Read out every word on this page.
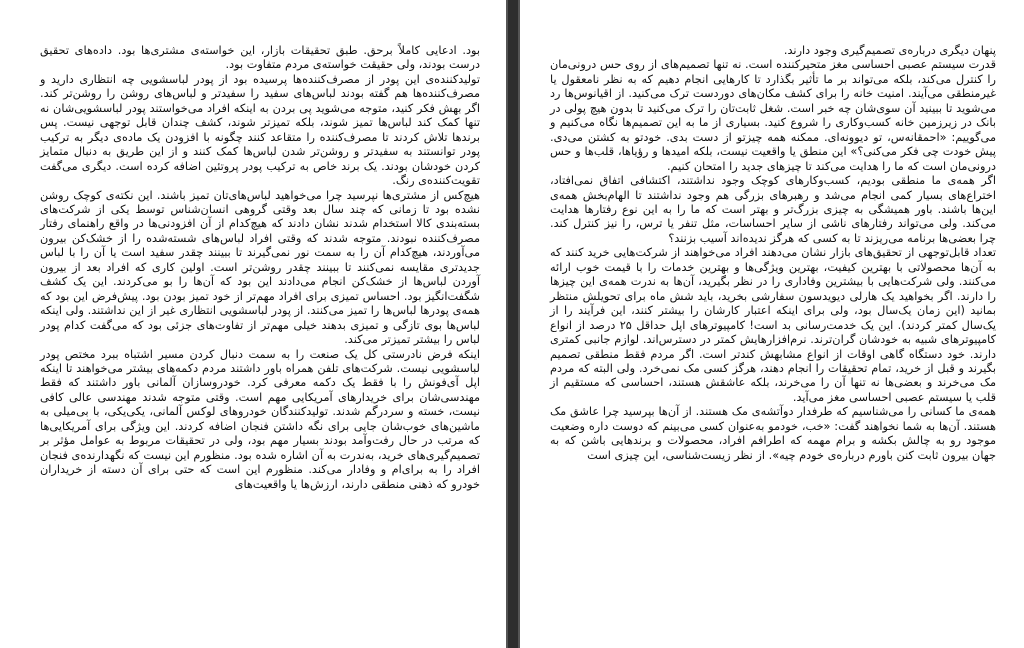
بود. ادعایی کاملاً برحق. طبق تحقیقات بازار، این خواسته‌ی مشتری‌ها بود. داده‌های تحقیق درست بودند، ولی حقیقت خواسته‌ی مردم متفاوت بود.

تولیدکننده‌ی این پودر از مصرف‌کننده‌ها پرسیده بود از پودر لباسشویی چه انتظاری دارید و مصرف‌کننده‌ها هم گفته بودند لباس‌های سفید را سفیدتر و لباس‌های روشن را روشن‌تر کند. اگر بهش فکر کنید، متوجه می‌شوید پی بردن به اینکه افراد می‌خواستند پودر لباسشویی‌شان نه تنها کمک کند لباس‌ها تمیز شوند، بلکه تمیزتر شوند، کشف چندان قابل توجهی نیست. پس برندها تلاش کردند تا مصرف‌کننده را متقاعد کنند چگونه با افزودن یک ماده‌ی دیگر به ترکیب پودر توانستند به سفیدتر و روشن‌تر شدن لباس‌ها کمک کنند و از این طریق به دنبال متمایز کردن خودشان بودند. یک برند خاص به ترکیب پودر پروتئین اضافه کرده است. دیگری می‌گفت تقویت‌کننده‌ی رنگ.

هیچ‌کس از مشتری‌ها نپرسید چرا می‌خواهید لباس‌های‌تان تمیز باشند. این نکته‌ی کوچک روشن نشده بود تا زمانی که چند سال بعد وقتی گروهی انسان‌شناس توسط یکی از شرکت‌های بسته‌بندی کالا استخدام شدند نشان دادند که هیچ‌کدام از آن افزودنی‌ها در واقع راهنمای رفتار مصرف‌کننده نبودند. متوجه شدند که وقتی افراد لباس‌های شسته‌شده را از خشک‌کن بیرون می‌آوردند، هیچ‌کدام آن را به سمت نور نمی‌گیرند تا ببینند چقدر سفید است یا آن را با لباس جدیدتری مقایسه نمی‌کنند تا ببینند چقدر روشن‌تر است. اولین کاری که افراد بعد از بیرون آوردن لباس‌ها از خشک‌کن انجام می‌دادند این بود که آن‌ها را بو می‌کردند. این یک کشف شگفت‌انگیز بود. احساس تمیزی برای افراد مهم‌تر از خود تمیز بودن بود. پیش‌فرض این بود که همه‌ی پودرها لباس‌ها را تمیز می‌کنند. از پودر لباسشویی انتظاری غیر از این نداشتند. ولی اینکه لباس‌ها بوی تازگی و تمیزی بدهند خیلی مهم‌تر از تفاوت‌های جزئی بود که می‌گفت کدام پودر لباس را بیشتر تمیزتر می‌کند.

اینکه فرض نادرستی کل یک صنعت را به سمت دنبال کردن مسیر اشتباه ببرد مختص پودر لباسشویی نیست. شرکت‌های تلفن همراه باور داشتند مردم دکمه‌های بیشتر می‌خواهند تا اینکه اپل آی‌فونش را با فقط یک دکمه معرفی کرد. خودروسازان آلمانی باور داشتند که فقط مهندسی‌شان برای خریدارهای آمریکایی مهم است. وقتی متوجه شدند مهندسی عالی کافی نیست، خسته و سردرگم شدند. تولیدکنندگان خودروهای لوکس آلمانی، یکی‌یکی، با بی‌میلی به ماشین‌های خوب‌شان جایی برای نگه داشتن فنجان اضافه کردند. این ویژگی برای آمریکایی‌ها که مرتب در حال رفت‌وآمد بودند بسیار مهم بود، ولی در تحقیقات مربوط به عوامل مؤثر بر تصمیم‌گیری‌های خرید، به‌ندرت به آن اشاره شده بود. منظورم این نیست که نگهدارنده‌ی فنجان افراد را به برای‌ام و وفادار می‌کند. منظورم این است که حتی برای آن دسته از خریداران خودرو که ذهنی منطقی دارند، ارزش‌ها یا واقعیت‌های

پنهان دیگری درباره‌ی تصمیم‌گیری وجود دارند.

قدرت سیستم عصبی احساسی مغز متحیرکننده است. نه تنها تصمیم‌های از روی حس درونی‌مان را کنترل می‌کند، بلکه می‌تواند بر ما تأثیر بگذارد تا کارهایی انجام دهیم که به نظر نامعقول یا غیرمنطقی می‌آیند. امنیت خانه را برای کشف مکان‌های دوردست ترک می‌کنید. از اقیانوس‌ها رد می‌شوید تا ببینید آن سوی‌شان چه خبر است. شغل ثابت‌تان را ترک می‌کنید تا بدون هیچ پولی در بانک در زیرزمین خانه کسب‌وکاری را شروع کنید. بسیاری از ما به این تصمیم‌ها نگاه می‌کنیم و می‌گوییم: «احمقانه‌س، تو دیوونه‌ای. ممکنه همه چیزتو از دست بدی. خودتو به کشتن می‌دی. پیش خودت چی فکر می‌کنی؟» این منطق یا واقعیت نیست، بلکه امیدها و رؤیاها، قلب‌ها و حس درونی‌مان است که ما را هدایت می‌کند تا چیزهای جدید را امتحان کنیم.

اگر همه‌ی ما منطقی بودیم، کسب‌وکارهای کوچک وجود نداشتند، اکتشافی اتفاق نمی‌افتاد، اختراع‌های بسیار کمی انجام می‌شد و رهبرهای بزرگی هم وجود نداشتند تا الهام‌بخش همه‌ی این‌ها باشند. باور همیشگی به چیزی بزرگ‌تر و بهتر است که ما را به این نوع رفتارها هدایت می‌کند. ولی می‌تواند رفتارهای ناشی از سایر احساسات، مثل تنفر یا ترس، را نیز کنترل کند. چرا بعضی‌ها برنامه می‌ریزند تا به کسی که هرگز ندیده‌اند آسیب بزنند؟

تعداد قابل‌توجهی از تحقیق‌های بازار نشان می‌دهند افراد می‌خواهند از شرکت‌هایی خرید کنند که به آن‌ها محصولاتی با بهترین کیفیت، بهترین ویژگی‌ها و بهترین خدمات را با قیمت خوب ارائه می‌کنند. ولی شرکت‌هایی با بیشترین وفاداری را در نظر بگیرید، آن‌ها به ندرت همه‌ی این چیزها را دارند. اگر بخواهید یک هارلی دیویدسون سفارشی بخرید، باید شش ماه برای تحویلش منتظر بمانید (این زمان یک‌سال بود، ولی برای اینکه اعتبار کارشان را بیشتر کنند، این فرآیند را از یک‌سال کمتر کردند). این یک خدمت‌رسانی بد است! کامپیوترهای اپل حداقل ۲۵ درصد از انواع کامپیوترهای شبیه به خودشان گران‌ترند. نرم‌افزارهایش کمتر در دسترس‌اند. لوازم جانبی کمتری دارند. خود دستگاه گاهی اوقات از انواع مشابهش کندتر است. اگر مردم فقط منطقی تصمیم بگیرند و قبل از خرید، تمام تحقیقات را انجام دهند، هرگز کسی مک نمی‌خرد. ولی البته که مردم مک می‌خرند و بعضی‌ها نه تنها آن را می‌خرند، بلکه عاشقش هستند، احساسی که مستقیم از قلب یا سیستم عصبی احساسی مغز می‌آید.

همه‌ی ما کسانی را می‌شناسیم که طرفدار دوآتشه‌ی مک هستند. از آن‌ها بپرسید چرا عاشق مک هستند. آن‌ها به شما نخواهند گفت: «خب، خودمو به‌عنوان کسی می‌بینم که دوست داره وضعیت موجود رو به چالش بکشه و برام مهمه که اطرافم افراد، محصولات و برندهایی باشن که به جهان بیرون ثابت کنن باورم درباره‌ی خودم چیه». از نظر زیست‌شناسی، این چیزی است
